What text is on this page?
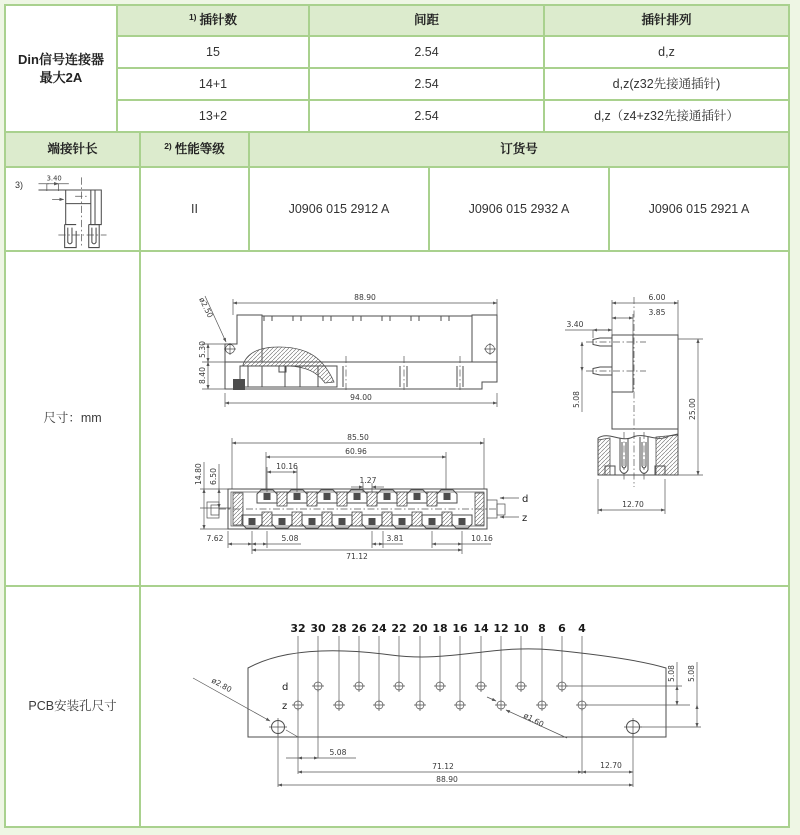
Din信号连接器
最大2A
$^{1)}$ 插针数	间距	插针排列
15	2.54	d,z
14+1	2.54	d,z(z32先接通插针)
13+2	2.54	d,z（z4+z32先接通插针）
端接针长	$^{2)}$ 性能等级	订货号
3)
3.40
II	J0906 015 2912 A	J0906 015 2932 A	J0906 015 2921 A
尺寸：mm
88.90
94.00
5.30
8.40
ø2.50
85.50
60.96
10.16
1.27
14.80 6.50
d
z
7.62	5.08	3.81	10.16
71.12
6.00
3.85
3.40
5.08	25.00
12.70
PCB安装孔尺寸
32 30 28 26 24 22 20 18 16 14 12 10 8 6 4
d
z
ø2.80
ø1.60
5.08 5.08
5.08
71.12	12.70
88.90
